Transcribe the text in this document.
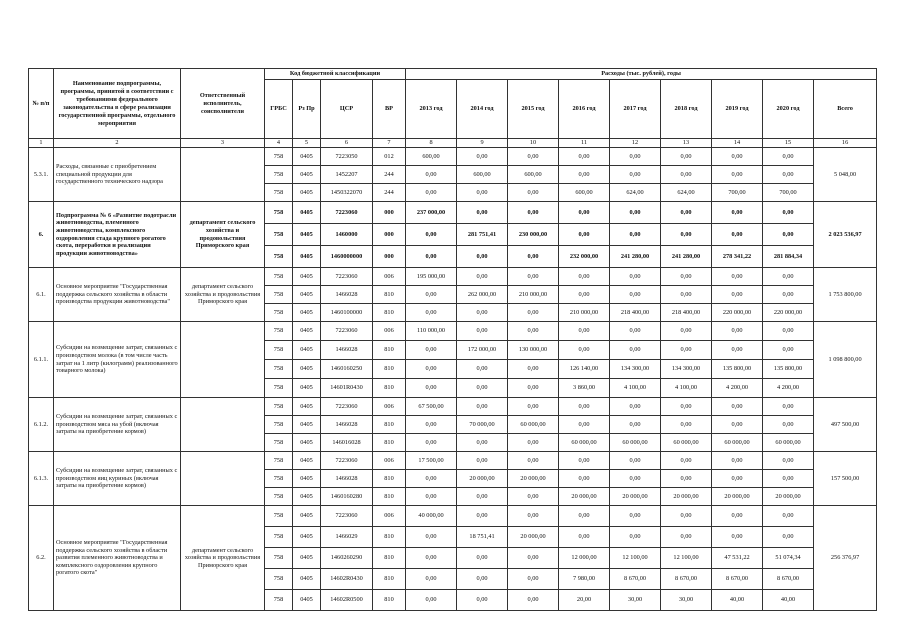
№ п/п	Наименование подпрограммы, программы, принятой в соответствии с требованиями федерального законодательства в сфере реализации государственной программы, отдельного мероприятия	Ответственный исполнитель, соисполнители	Код бюджетной классификации				Расходы (тыс. рублей), годы								
			ГРБС	Рз Пр	ЦСР	ВР	2013 год	2014 год	2015 год	2016 год	2017 год	2018 год	2019 год	2020 год	Всего
1	2	3	4	5	6	7	8	9	10	11	12	13	14	15	16
5.3.1.	Расходы, связанные с приобретением специальной продукции для государственного технического надзора		758	0405	7223050	012	600,00	0,00	0,00	0,00	0,00	0,00	0,00	0,00	5 048,00
			758	0405	1452207	244	0,00	600,00	600,00	0,00	0,00	0,00	0,00	0,00	
			758	0405	1450322070	244	0,00	0,00	0,00	600,00	624,00	624,00	700,00	700,00	
6.	Подпрограмма № 6 «Развитие подотрасли животноводства, племенного животноводства, комплексного оздоровления стада крупного рогатого скота, переработки и реализации продукции животноводства»	департамент сельского хозяйства и продовольствия Приморского края	758	0405	7223060	000	237 000,00	0,00	0,00	0,00	0,00	0,00	0,00	0,00	2 023 536,97
			758	0405	1460000	000	0,00	281 751,41	230 000,00	0,00	0,00	0,00	0,00	0,00	
			758	0405	1460000000	000	0,00	0,00	0,00	232 000,00	241 280,00	241 280,00	278 341,22	281 884,34	
6.1.	Основное мероприятие "Государственная поддержка сельского хозяйства в области производства продукции животноводства"	департамент сельского хозяйства и продовольствия Приморского края	758	0405	7223060	006	195 000,00	0,00	0,00	0,00	0,00	0,00	0,00	0,00	1 753 800,00
			758	0405	1466028	810	0,00	262 000,00	210 000,00	0,00	0,00	0,00	0,00	0,00	
			758	0405	1460100000	810	0,00	0,00	0,00	210 000,00	218 400,00	218 400,00	220 000,00	220 000,00	
6.1.1.	Субсидии на возмещение затрат, связанных с производством молока (в том числе часть затрат на 1 литр (килограмм) реализованного товарного молока)		758	0405	7223060	006	110 000,00	0,00	0,00	0,00	0,00	0,00	0,00	0,00	1 098 800,00
			758	0405	1466028	810	0,00	172 000,00	130 000,00	0,00	0,00	0,00	0,00	0,00	
			758	0405	1460160250	810	0,00	0,00	0,00	126 140,00	134 300,00	134 300,00	135 800,00	135 800,00	
			758	0405	14601R0430	810	0,00	0,00	0,00	3 860,00	4 100,00	4 100,00	4 200,00	4 200,00	
6.1.2.	Субсидии на возмещение затрат, связанных с производством мяса на убой (включая затраты на приобретение кормов)		758	0405	7223060	006	67 500,00	0,00	0,00	0,00	0,00	0,00	0,00	0,00	497 500,00
			758	0405	1466028	810	0,00	70 000,00	60 000,00	0,00	0,00	0,00	0,00	0,00	
			758	0405	146016028	810	0,00	0,00	0,00	60 000,00	60 000,00	60 000,00	60 000,00	60 000,00	
6.1.3.	Субсидии на возмещение затрат, связанных с производством яиц куриных (включая затраты на приобретение кормов)		758	0405	7223060	006	17 500,00	0,00	0,00	0,00	0,00	0,00	0,00	0,00	157 500,00
			758	0405	1466028	810	0,00	20 000,00	20 000,00	0,00	0,00	0,00	0,00	0,00	
			758	0405	1460160280	810	0,00	0,00	0,00	20 000,00	20 000,00	20 000,00	20 000,00	20 000,00	
6.2.	Основное мероприятие "Государственная поддержка сельского хозяйства в области развития племенного животноводства и комплексного оздоровления крупного рогатого скота"	департамент сельского хозяйства и продовольствия Приморского края	758	0405	7223060	006	40 000,00	0,00	0,00	0,00	0,00	0,00	0,00	0,00	256 376,97
			758	0405	1466029	810	0,00	18 751,41	20 000,00	0,00	0,00	0,00	0,00	0,00	
			758	0405	1460260290	810	0,00	0,00	0,00	12 000,00	12 100,00	12 100,00	47 531,22	51 074,34	
			758	0405	14602R0430	810	0,00	0,00	0,00	7 980,00	8 670,00	8 670,00	8 670,00	8 670,00	
			758	0405	14602R0500	810	0,00	0,00	0,00	20,00	30,00	30,00	40,00	40,00	
